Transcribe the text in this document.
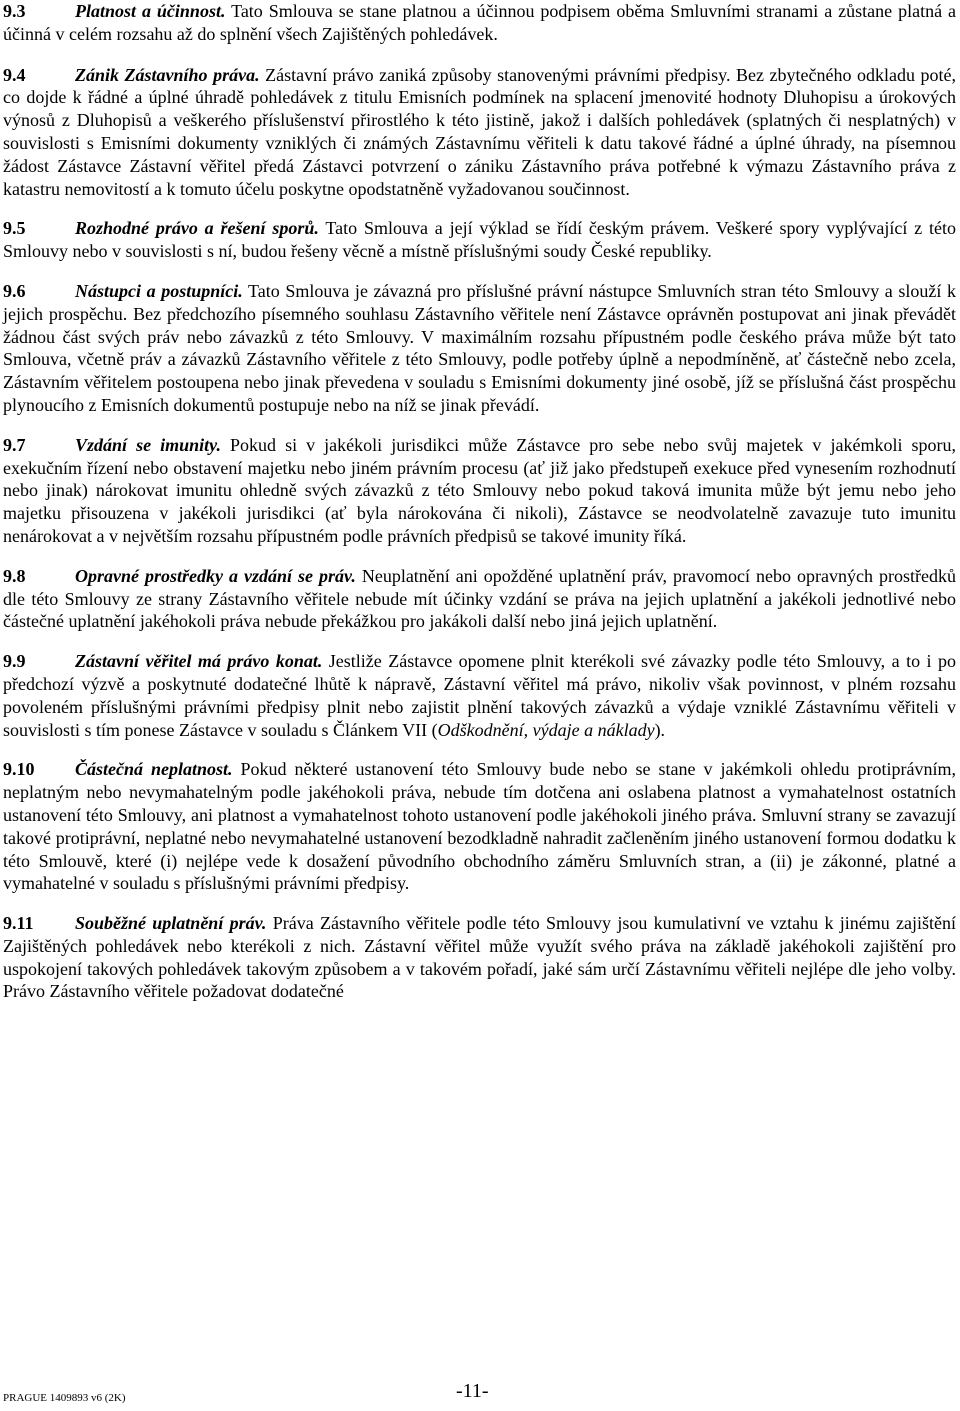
9.3	Platnost a účinnost. Tato Smlouva se stane platnou a účinnou podpisem oběma Smluvními stranami a zůstane platná a účinná v celém rozsahu až do splnění všech Zajištěných pohledávek.

9.4	Zánik Zástavního práva. Zástavní právo zaniká způsoby stanovenými právními předpisy. Bez zbytečného odkladu poté, co dojde k řádné a úplné úhradě pohledávek z titulu Emisních podmínek na splacení jmenovité hodnoty Dluhopisu a úrokových výnosů z Dluhopisů a veškerého příslušenství přirostlého k této jistině, jakož i dalších pohledávek (splatných či nesplatných) v souvislosti s Emisními dokumenty vzniklých či známých Zástavnímu věřiteli k datu takové řádné a úplné úhrady, na písemnou žádost Zástavce Zástavní věřitel předá Zástavci potvrzení o zániku Zástavního práva potřebné k výmazu Zástavního práva z katastru nemovitostí a k tomuto účelu poskytne opodstatněně vyžadovanou součinnost.

9.5	Rozhodné právo a řešení sporů. Tato Smlouva a její výklad se řídí českým právem. Veškeré spory vyplývající z této Smlouvy nebo v souvislosti s ní, budou řešeny věcně a místně příslušnými soudy České republiky.

9.6	Nástupci a postupníci. Tato Smlouva je závazná pro příslušné právní nástupce Smluvních stran této Smlouvy a slouží k jejich prospěchu. Bez předchozího písemného souhlasu Zástavního věřitele není Zástavce oprávněn postupovat ani jinak převádět žádnou část svých práv nebo závazků z této Smlouvy. V maximálním rozsahu přípustném podle českého práva může být tato Smlouva, včetně práv a závazků Zástavního věřitele z této Smlouvy, podle potřeby úplně a nepodmíněně, ať částečně nebo zcela, Zástavním věřitelem postoupena nebo jinak převedena v souladu s Emisními dokumenty jiné osobě, jíž se příslušná část prospěchu plynoucího z Emisních dokumentů postupuje nebo na níž se jinak převádí.

9.7	Vzdání se imunity. Pokud si v jakékoli jurisdikci může Zástavce pro sebe nebo svůj majetek v jakémkoli sporu, exekučním řízení nebo obstavení majetku nebo jiném právním procesu (ať již jako předstupeň exekuce před vynesením rozhodnutí nebo jinak) nárokovat imunitu ohledně svých závazků z této Smlouvy nebo pokud taková imunita může být jemu nebo jeho majetku přisouzena v jakékoli jurisdikci (ať byla nárokována či nikoli), Zástavce se neodvolatelně zavazuje tuto imunitu nenárokovat a v největším rozsahu přípustném podle právních předpisů se takové imunity říká.

9.8	Opravné prostředky a vzdání se práv. Neuplatnění ani opožděné uplatnění práv, pravomocí nebo opravných prostředků dle této Smlouvy ze strany Zástavního věřitele nebude mít účinky vzdání se práva na jejich uplatnění a jakékoli jednotlivé nebo částečné uplatnění jakéhokoli práva nebude překážkou pro jakákoli další nebo jiná jejich uplatnění.

9.9	Zástavní věřitel má právo konat. Jestliže Zástavce opomene plnit kterékoli své závazky podle této Smlouvy, a to i po předchozí výzvě a poskytnuté dodatečné lhůtě k nápravě, Zástavní věřitel má právo, nikoliv však povinnost, v plném rozsahu povoleném příslušnými právními předpisy plnit nebo zajistit plnění takových závazků a výdaje vzniklé Zástavnímu věřiteli v souvislosti s tím ponese Zástavce v souladu s Článkem VII (Odškodnění, výdaje a náklady).

9.10 Částečná neplatnost. Pokud některé ustanovení této Smlouvy bude nebo se stane v jakémkoli ohledu protiprávním, neplatným nebo nevymahatelným podle jakéhokoli práva, nebude tím dotčena ani oslabena platnost a vymahatelnost ostatních ustanovení této Smlouvy, ani platnost a vymahatelnost tohoto ustanovení podle jakéhokoli jiného práva. Smluvní strany se zavazují takové protiprávní, neplatné nebo nevymahatelné ustanovení bezodkladně nahradit začleněním jiného ustanovení formou dodatku k této Smlouvě, které (i) nejlépe vede k dosažení původního obchodního záměru Smluvních stran, a (ii) je zákonné, platné a vymahatelné v souladu s příslušnými právními předpisy.

9.11 Souběžné uplatnění práv. Práva Zástavního věřitele podle této Smlouvy jsou kumulativní ve vztahu k jinému zajištění Zajištěných pohledávek nebo kterékoli z nich. Zástavní věřitel může využít svého práva na základě jakéhokoli zajištění pro uspokojení takových pohledávek takovým způsobem a v takovém pořadí, jaké sám určí Zástavnímu věřiteli nejlépe dle jeho volby. Právo Zástavního věřitele požadovat dodatečné

PRAGUE 1409893 v6 (2K)	-11-
